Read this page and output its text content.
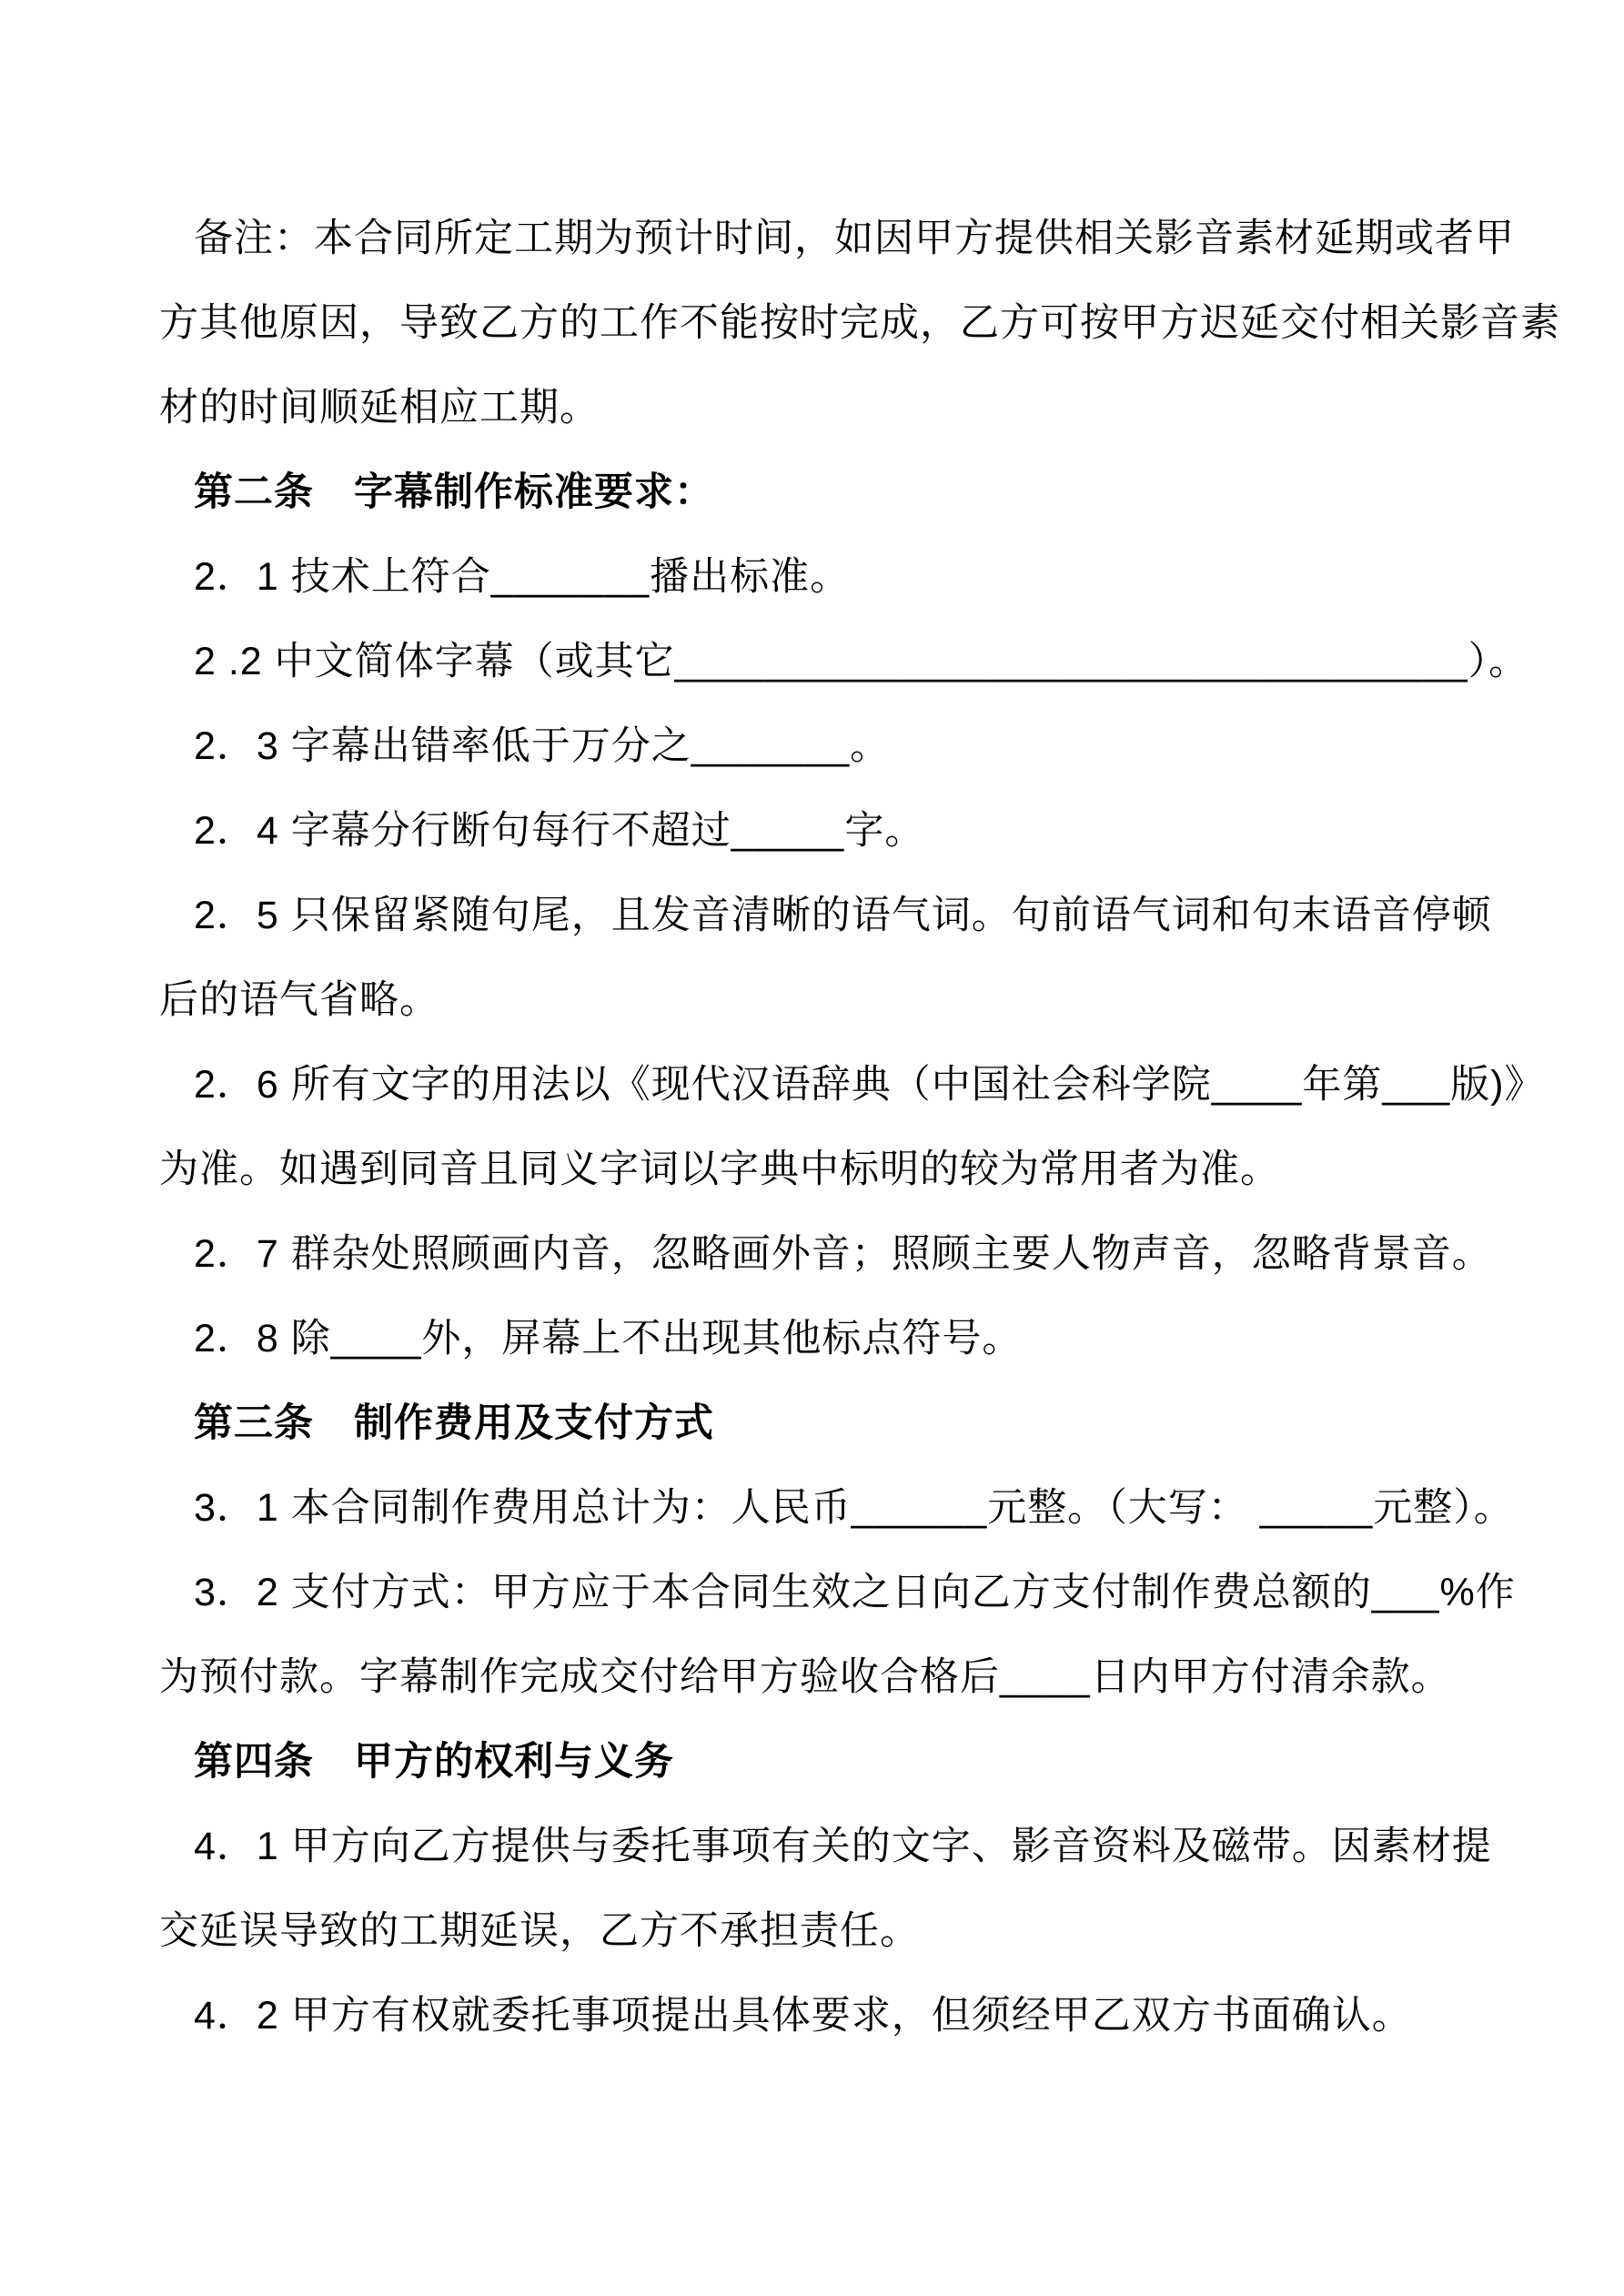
备注：本合同所定工期为预计时间，如因甲方提供相关影音素材延期或者甲
方其他原因，导致乙方的工作不能按时完成，乙方可按甲方迟延交付相关影音素
材的时间顺延相应工期。
第二条　字幕制作标准要求：
2．1 技术上符合_______播出标准。
2 .2 中文简体字幕（或其它___________________________________）。
2．3 字幕出错率低于万分之_______。
2．4 字幕分行断句每行不超过_____字。
2．5 只保留紧随句尾，且发音清晰的语气词。句前语气词和句末语音停顿
后的语气省略。
2．6 所有文字的用法以《现代汉语辞典（中国社会科学院____年第___版)》
为准。如遇到同音且同义字词以字典中标明的较为常用者为准。
2．7 群杂处照顾画内音，忽略画外音；照顾主要人物声音，忽略背景音。
2．8 除____外，屏幕上不出现其他标点符号。
第三条　制作费用及支付方式
3．1 本合同制作费用总计为：人民币______元整。（大写： _____元整）。
3．2 支付方式：甲方应于本合同生效之日向乙方支付制作费总额的___%作
为预付款。字幕制作完成交付给甲方验收合格后____日内甲方付清余款。
第四条　甲方的权利与义务
4．1 甲方向乙方提供与委托事项有关的文字、影音资料及磁带。因素材提
交延误导致的工期延误，乙方不承担责任。
4．2 甲方有权就委托事项提出具体要求，但须经甲乙双方书面确认。
